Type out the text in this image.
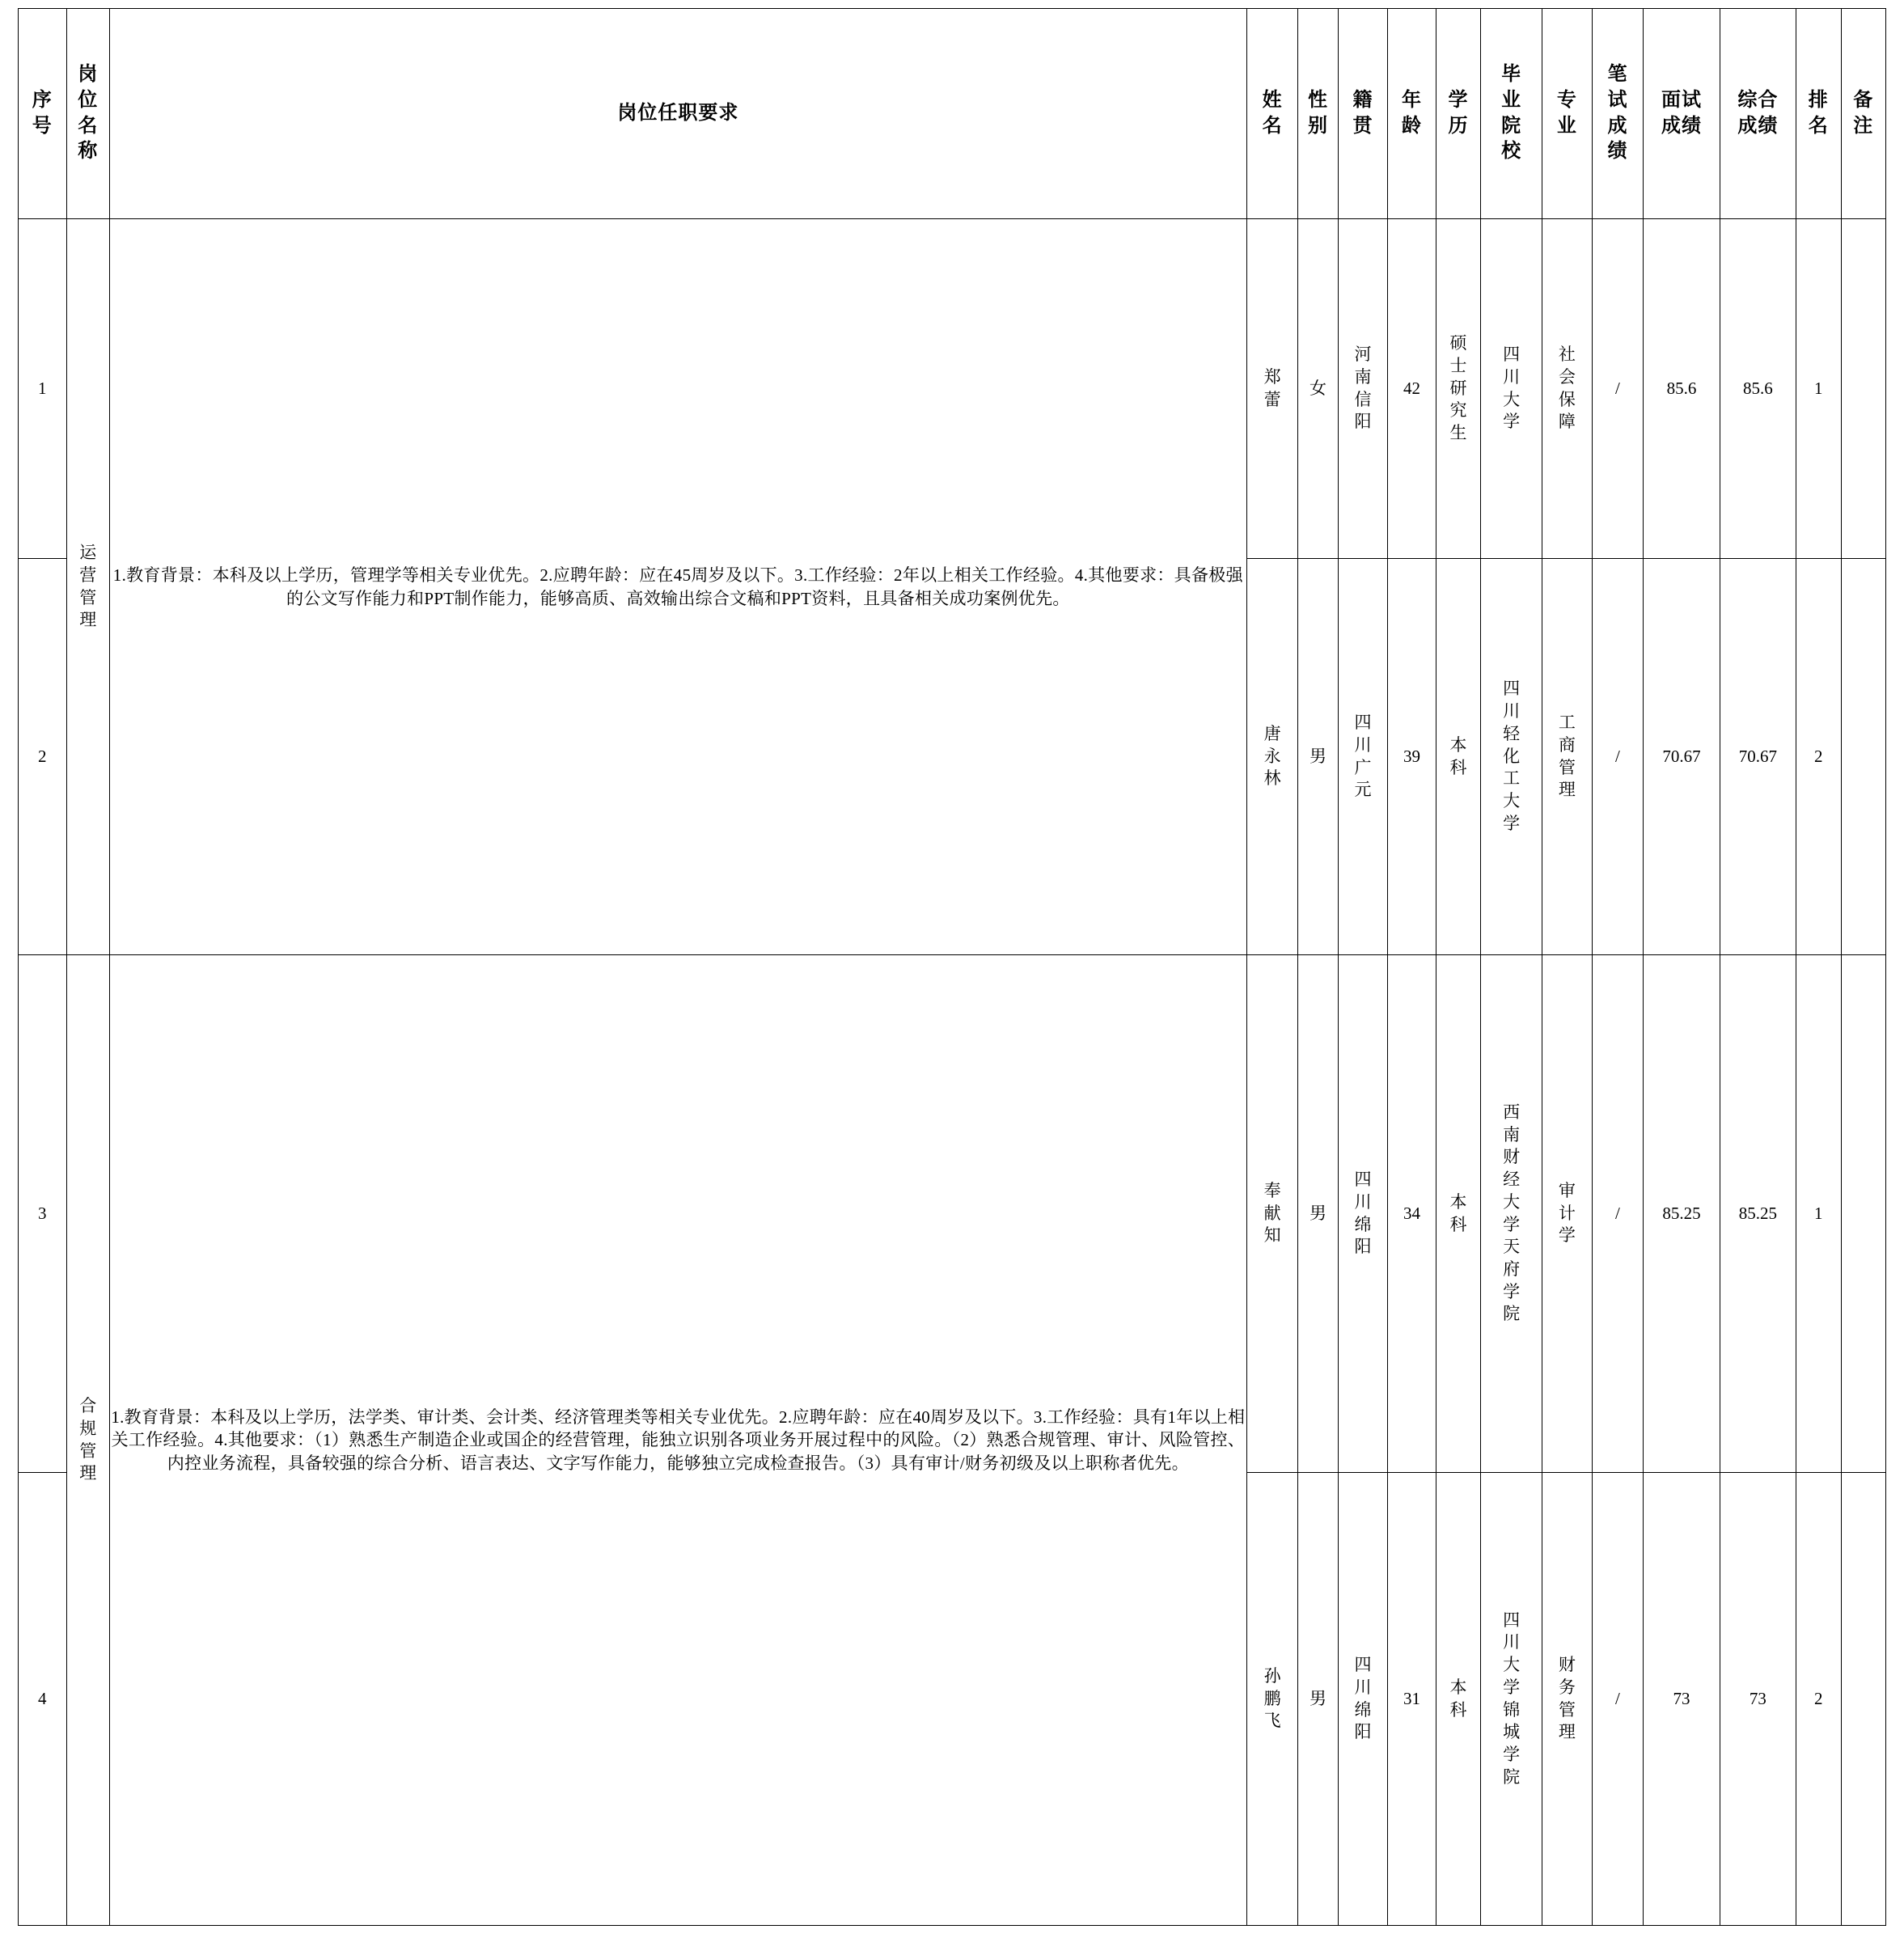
序号	岗位名称	岗位任职要求	姓名	性别	籍贯	年龄	学历	毕业院校	专业	笔试成绩	面试成绩	综合成绩	排名	备注

1	运营管理	1.教育背景：本科及以上学历，管理学等相关专业优先。2.应聘年龄：应在45周岁及以下。3.工作经验：2年以上相关工作经验。4.其他要求：具备极强的公文写作能力和PPT制作能力，能够高质、高效输出综合文稿和PPT资料，且具备相关成功案例优先。	郑蕾	女	河南信阳	42	硕士研究生	四川大学	社会保障	/	85.6	85.6	1	
2			唐永林	男	四川广元	39	本科	四川轻化工大学	工商管理	/	70.67	70.67	2	
3	合规管理	1.教育背景：本科及以上学历，法学类、审计类、会计类、经济管理类等相关专业优先。2.应聘年龄：应在40周岁及以下。3.工作经验：具有1年以上相关工作经验。4.其他要求：（1）熟悉生产制造企业或国企的经营管理，能独立识别各项业务开展过程中的风险。（2）熟悉合规管理、审计、风险管控、内控业务流程，具备较强的综合分析、语言表达、文字写作能力，能够独立完成检查报告。（3）具有审计/财务初级及以上职称者优先。	奉献知	男	四川绵阳	34	本科	西南财经大学天府学院	审计学	/	85.25	85.25	1	
4			孙鹏飞	男	四川绵阳	31	本科	四川大学锦城学院	财务管理	/	73	73	2	
